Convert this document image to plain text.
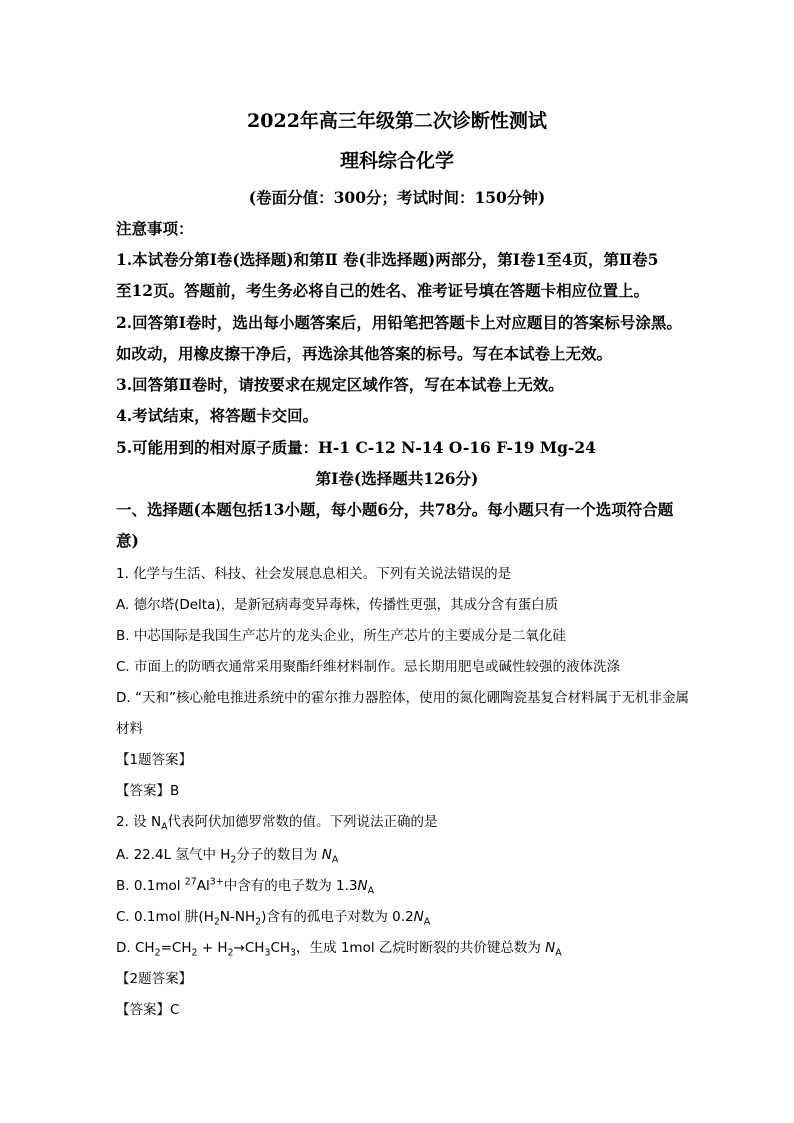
2022年高三年级第二次诊断性测试
理科综合化学
(卷面分值：300分；考试时间：150分钟)
注意事项：
1.本试卷分第Ⅰ卷(选择题)和第Ⅱ 卷(非选择题)两部分，第Ⅰ卷1至4页，第Ⅱ卷5
至12页。答题前，考生务必将自己的姓名、准考证号填在答题卡相应位置上。
2.回答第Ⅰ卷时，选出每小题答案后，用铅笔把答题卡上对应题目的答案标号涂黑。
如改动，用橡皮擦干净后，再选涂其他答案的标号。写在本试卷上无效。
3.回答第Ⅱ卷时，请按要求在规定区域作答，写在本试卷上无效。
4.考试结束，将答题卡交回。
5.可能用到的相对原子质量：H-1 C-12 N-14 O-16 F-19 Mg-24
第Ⅰ卷(选择题共126分)
一、选择题(本题包括13小题，每小题6分，共78分。每小题只有一个选项符合题
意)
1. 化学与生活、科技、社会发展息息相关。下列有关说法错误的是
A. 德尔塔(Delta)，是新冠病毒变异毒株，传播性更强，其成分含有蛋白质
B. 中芯国际是我国生产芯片的龙头企业，所生产芯片的主要成分是二氧化硅
C. 市面上的防晒衣通常采用聚酯纤维材料制作。忌长期用肥皂或碱性较强的液体洗涤
D. “天和”核心舱电推进系统中的霍尔推力器腔体，使用的氮化硼陶瓷基复合材料属于无机非金属
材料
【1题答案】
【答案】B
2. 设 $N_A$代表阿伏加德罗常数的值。下列说法正确的是
A. 22.4L 氢气中 $H_2$分子的数目为 $N_A$
B. 0.1mol $^{27}Al^{3+}$中含有的电子数为 $1.3N_A$
C. 0.1mol 肼$(H_2N-NH_2)$含有的孤电子对数为 $0.2N_A$
D. $CH_2=CH_2 + H_2\to CH_3CH_3$，生成 1mol 乙烷时断裂的共价键总数为 $N_A$
【2题答案】
【答案】C
